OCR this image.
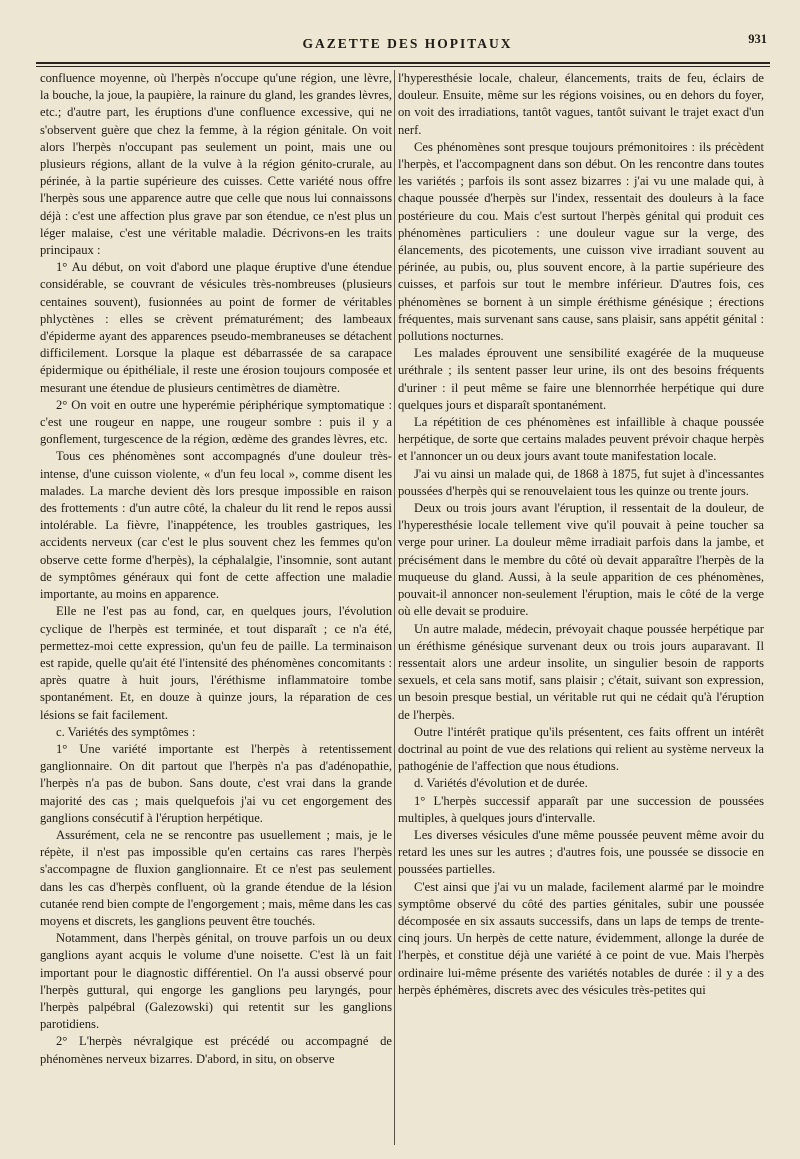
GAZETTE DES HOPITAUX	931

confluence moyenne, où l'herpès n'occupe qu'une région, une lèvre, la bouche, la joue, la paupière, la rainure du gland, les grandes lèvres, etc.; d'autre part, les éruptions d'une confluence excessive, qui ne s'observent guère que chez la femme, à la région génitale. On voit alors l'herpès n'occupant pas seulement un point, mais une ou plusieurs régions, allant de la vulve à la région génito-crurale, au périnée, à la partie supérieure des cuisses. Cette variété nous offre l'herpès sous une apparence autre que celle que nous lui connaissons déjà : c'est une affection plus grave par son étendue, ce n'est plus un léger malaise, c'est une véritable maladie. Décrivons-en les traits principaux :

1° Au début, on voit d'abord une plaque éruptive d'une étendue considérable, se couvrant de vésicules très-nombreuses (plusieurs centaines souvent), fusionnées au point de former de véritables phlyctènes : elles se crèvent prématurément; des lambeaux d'épiderme ayant des apparences pseudo-membraneuses se détachent difficilement. Lorsque la plaque est débarrassée de sa carapace épidermique ou épithéliale, il reste une érosion toujours composée et mesurant une étendue de plusieurs centimètres de diamètre.

2° On voit en outre une hyperémie périphérique symptomatique : c'est une rougeur en nappe, une rougeur sombre : puis il y a gonflement, turgescence de la région, œdème des grandes lèvres, etc.

Tous ces phénomènes sont accompagnés d'une douleur très-intense, d'une cuisson violente, « d'un feu local », comme disent les malades. La marche devient dès lors presque impossible en raison des frottements : d'un autre côté, la chaleur du lit rend le repos aussi intolérable. La fièvre, l'inappétence, les troubles gastriques, les accidents nerveux (car c'est le plus souvent chez les femmes qu'on observe cette forme d'herpès), la céphalalgie, l'insomnie, sont autant de symptômes généraux qui font de cette affection une maladie importante, au moins en apparence.

Elle ne l'est pas au fond, car, en quelques jours, l'évolution cyclique de l'herpès est terminée, et tout disparaît ; ce n'a été, permettez-moi cette expression, qu'un feu de paille. La terminaison est rapide, quelle qu'ait été l'intensité des phénomènes concomitants : après quatre à huit jours, l'éréthisme inflammatoire tombe spontanément. Et, en douze à quinze jours, la réparation de ces lésions se fait facilement.

c. Variétés des symptômes :

1° Une variété importante est l'herpès à retentissement ganglionnaire. On dit partout que l'herpès n'a pas d'adénopathie, l'herpès n'a pas de bubon. Sans doute, c'est vrai dans la grande majorité des cas ; mais quelquefois j'ai vu cet engorgement des ganglions consécutif à l'éruption herpétique.

Assurément, cela ne se rencontre pas usuellement ; mais, je le répète, il n'est pas impossible qu'en certains cas rares l'herpès s'accompagne de fluxion ganglionnaire. Et ce n'est pas seulement dans les cas d'herpès confluent, où la grande étendue de la lésion cutanée rend bien compte de l'engorgement ; mais, même dans les cas moyens et discrets, les ganglions peuvent être touchés.

Notamment, dans l'herpès génital, on trouve parfois un ou deux ganglions ayant acquis le volume d'une noisette. C'est là un fait important pour le diagnostic différentiel. On l'a aussi observé pour l'herpès guttural, qui engorge les ganglions peu laryngés, pour l'herpès palpébral (Galezowski) qui retentit sur les ganglions parotidiens.

2° L'herpès névralgique est précédé ou accompagné de phénomènes nerveux bizarres. D'abord, in situ, on observe

l'hyperesthésie locale, chaleur, élancements, traits de feu, éclairs de douleur. Ensuite, même sur les régions voisines, ou en dehors du foyer, on voit des irradiations, tantôt vagues, tantôt suivant le trajet exact d'un nerf.

Ces phénomènes sont presque toujours prémonitoires : ils précèdent l'herpès, et l'accompagnent dans son début. On les rencontre dans toutes les variétés ; parfois ils sont assez bizarres : j'ai vu une malade qui, à chaque poussée d'herpès sur l'index, ressentait des douleurs à la face postérieure du cou. Mais c'est surtout l'herpès génital qui produit ces phénomènes particuliers : une douleur vague sur la verge, des élancements, des picotements, une cuisson vive irradiant souvent au périnée, au pubis, ou, plus souvent encore, à la partie supérieure des cuisses, et parfois sur tout le membre inférieur. D'autres fois, ces phénomènes se bornent à un simple éréthisme génésique ; érections fréquentes, mais survenant sans cause, sans plaisir, sans appétit génital : pollutions nocturnes.

Les malades éprouvent une sensibilité exagérée de la muqueuse uréthrale ; ils sentent passer leur urine, ils ont des besoins fréquents d'uriner : il peut même se faire une blennorrhée herpétique qui dure quelques jours et disparaît spontanément.

La répétition de ces phénomènes est infaillible à chaque poussée herpétique, de sorte que certains malades peuvent prévoir chaque herpès et l'annoncer un ou deux jours avant toute manifestation locale.

J'ai vu ainsi un malade qui, de 1868 à 1875, fut sujet à d'incessantes poussées d'herpès qui se renouvelaient tous les quinze ou trente jours.

Deux ou trois jours avant l'éruption, il ressentait de la douleur, de l'hyperesthésie locale tellement vive qu'il pouvait à peine toucher sa verge pour uriner. La douleur même irradiait parfois dans la jambe, et précisément dans le membre du côté où devait apparaître l'herpès de la muqueuse du gland. Aussi, à la seule apparition de ces phénomènes, pouvait-il annoncer non-seulement l'éruption, mais le côté de la verge où elle devait se produire.

Un autre malade, médecin, prévoyait chaque poussée herpétique par un éréthisme génésique survenant deux ou trois jours auparavant. Il ressentait alors une ardeur insolite, un singulier besoin de rapports sexuels, et cela sans motif, sans plaisir ; c'était, suivant son expression, un besoin presque bestial, un véritable rut qui ne cédait qu'à l'éruption de l'herpès.

Outre l'intérêt pratique qu'ils présentent, ces faits offrent un intérêt doctrinal au point de vue des relations qui relient au système nerveux la pathogénie de l'affection que nous étudions.

d. Variétés d'évolution et de durée.

1° L'herpès successif apparaît par une succession de poussées multiples, à quelques jours d'intervalle.

Les diverses vésicules d'une même poussée peuvent même avoir du retard les unes sur les autres ; d'autres fois, une poussée se dissocie en poussées partielles.

C'est ainsi que j'ai vu un malade, facilement alarmé par le moindre symptôme observé du côté des parties génitales, subir une poussée décomposée en six assauts successifs, dans un laps de temps de trente-cinq jours. Un herpès de cette nature, évidemment, allonge la durée de l'herpès, et constitue déjà une variété à ce point de vue. Mais l'herpès ordinaire lui-même présente des variétés notables de durée : il y a des herpès éphémères, discrets avec des vésicules très-petites qui
